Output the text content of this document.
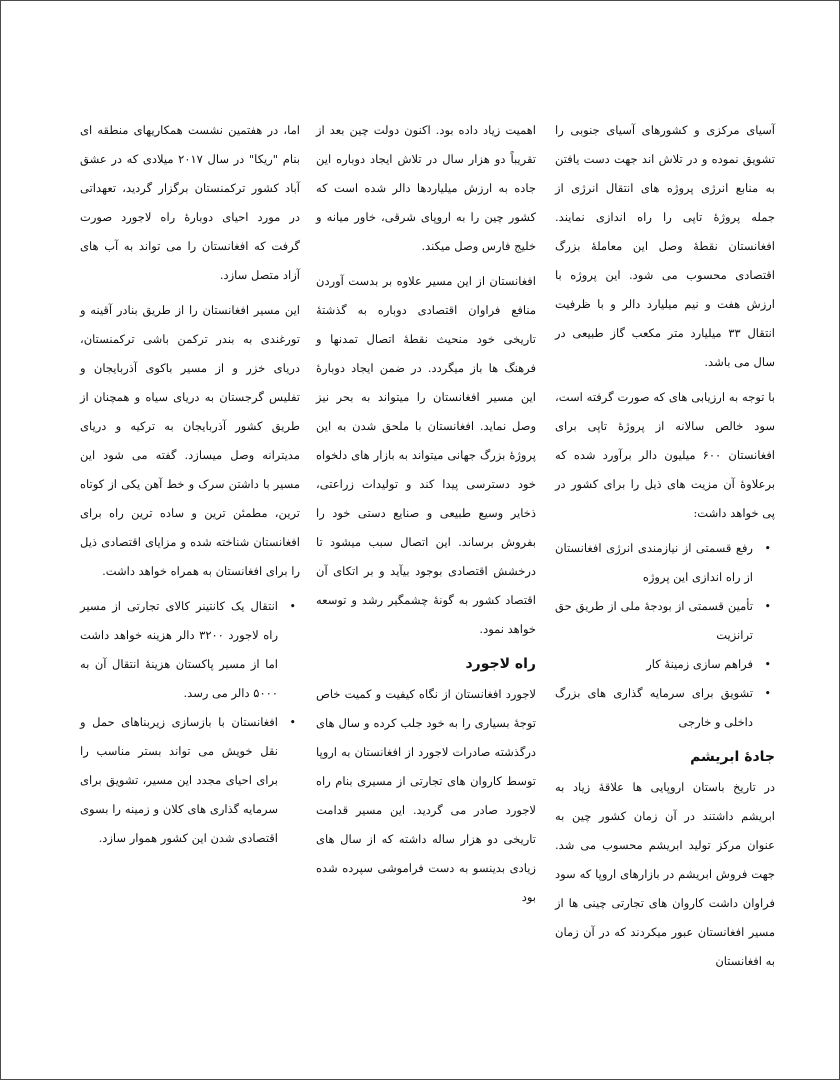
آسیای مرکزی و کشورهای آسیای جنوبی را تشویق نموده و در تلاش اند جهت دست یافتن به منابع انرژی پروژه های انتقال انرژی از جمله پروژهٔ تاپی را راه اندازی نمایند. افغانستان نقطهٔ وصل این معاملهٔ بزرگ اقتصادی محسوب می شود. این پروژه با ارزش هفت و نیم میلیارد دالر و با ظرفیت انتقال ۳۳ میلیارد متر مکعب گاز طبیعی در سال می باشد.

با توجه به ارزیابی های که صورت گرفته است، سود خالص سالانه از پروژهٔ تاپی برای افغانستان ۶۰۰ میلیون دالر برآورد شده که برعلاوهٔ آن مزیت های ذیل را برای کشور در پی خواهد داشت:

•
رفع قسمتی از نیازمندی انرژی افغانستان از راه اندازی این پروژه
•
تأمین قسمتی از بودجهٔ ملی از طریق حق ترانزیت
•
فراهم سازی زمینهٔ کار
•
تشویق برای سرمایه گذاری های بزرگ داخلی و خارجی
جادهٔ ابریشم

در تاریخ باستان اروپایی ها علاقهٔ زیاد به ابریشم داشتند در آن زمان کشور چین به عنوان مرکز تولید ابریشم محسوب می شد. جهت فروش ابریشم در بازارهای اروپا که سود فراوان داشت کاروان های تجارتی چینی ها از مسیر افغانستان عبور میکردند که در آن زمان به افغانستان

اهمیت زیاد داده بود. اکنون دولت چین بعد از تقریباً دو هزار سال در تلاش ایجاد دوباره این جاده به ارزش میلیاردها دالر شده است که کشور چین را به اروپای شرقی، خاور میانه و خلیج فارس وصل میکند.

افغانستان از این مسیر علاوه بر بدست آوردن منافع فراوان اقتصادی دوباره به گذشتهٔ تاریخی خود منحیث نقطهٔ اتصال تمدنها و فرهنگ ها باز میگردد. در ضمن ایجاد دوبارهٔ این مسیر افغانستان را میتواند به بحر نیز وصل نماید. افغانستان با ملحق شدن به این پروژهٔ بزرگ جهانی میتواند به بازار های دلخواه خود دسترسی پیدا کند و تولیدات زراعتی، ذخایر وسیع طبیعی و صنایع دستی خود را بفروش برساند. این اتصال سبب میشود تا درخشش اقتصادی بوجود بیآید و بر اتکای آن اقتصاد کشور به گونهٔ چشمگیر رشد و توسعه خواهد نمود.

راه لاجورد

لاجورد افغانستان از نگاه کیفیت و کمیت خاص توجهٔ بسیاری را به خود جلب کرده و سال های درگذشته صادرات لاجورد از افغانستان به اروپا توسط کاروان های تجارتی از مسیری بنام راه لاجورد صادر می گردید. این مسیر قدامت تاریخی دو هزار ساله داشته که از سال های زیادی بدینسو به دست فراموشی سپرده شده بود

اما، در هفتمین نشست همکاریهای منطقه ای بنام "ریکا" در سال ۲۰۱۷ میلادی که در عشق آباد کشور ترکمنستان برگزار گردید، تعهداتی در مورد احیای دوبارهٔ راه لاجورد صورت گرفت که افغانستان را می تواند به آب های آزاد متصل سازد.

این مسیر افغانستان را از طریق بنادر آقینه و تورغندی به بندر ترکمن باشی ترکمنستان، دریای خزر و از مسیر باکوی آذربایجان و تفلیس گرجستان به دریای سیاه و همچنان از طریق کشور آذربایجان به ترکیه و دریای مدیترانه وصل میسازد. گفته می شود این مسیر با داشتن سرک و خط آهن یکی از کوتاه ترین، مطمئن ترین و ساده ترین راه برای افغانستان شناخته شده و مزایای اقتصادی ذیل را برای افغانستان به همراه خواهد داشت.

•
انتقال یک کانتینر کالای تجارتی از مسیر راه لاجورد ۳۲۰۰ دالر هزینه خواهد داشت اما از مسیر پاکستان هزینهٔ انتقال آن به ۵۰۰۰ دالر می رسد.
•
افغانستان با بازسازی زیربناهای حمل و نقل خویش می تواند بستر مناسب را برای احیای مجدد این مسیر، تشویق برای سرمایه گذاری های کلان و زمینه را بسوی اقتصادی شدن این کشور هموار سازد.
